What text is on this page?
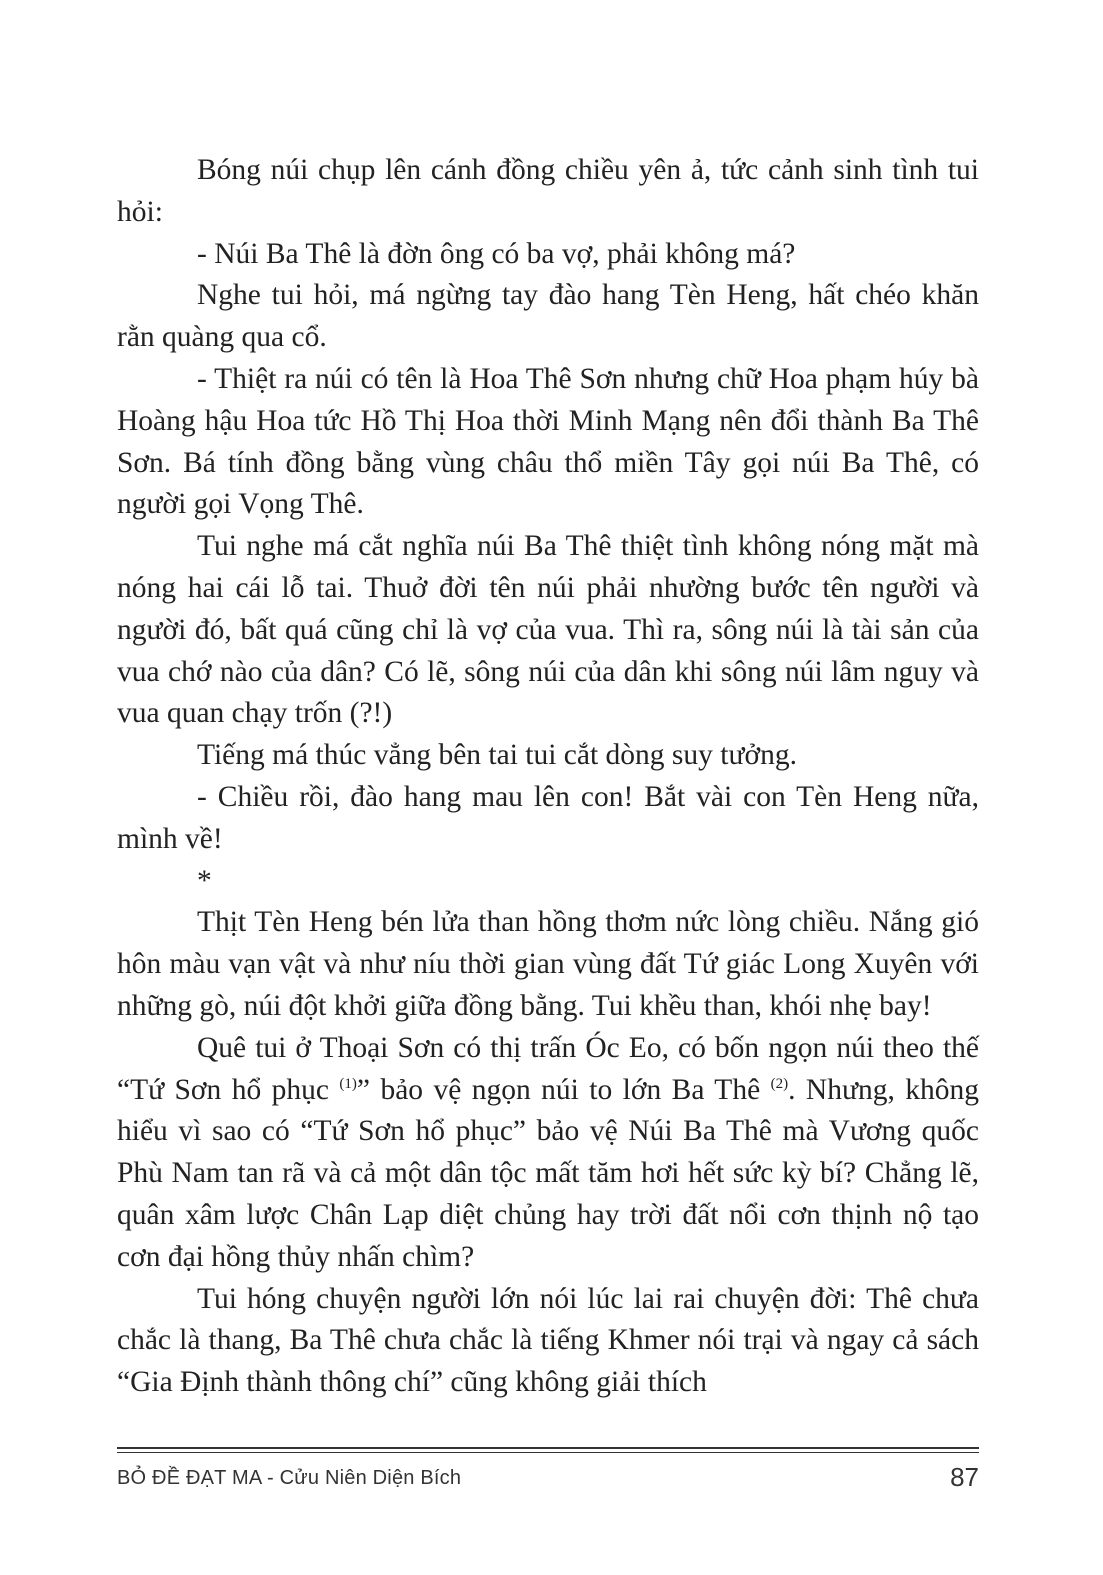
Bóng núi chụp lên cánh đồng chiều yên ả, tức cảnh sinh tình tui hỏi:

- Núi Ba Thê là đờn ông có ba vợ, phải không má?

Nghe tui hỏi, má ngừng tay đào hang Tèn Heng, hất chéo khăn rằn quàng qua cổ.

- Thiệt ra núi có tên là Hoa Thê Sơn nhưng chữ Hoa phạm húy bà Hoàng hậu Hoa tức Hồ Thị Hoa thời Minh Mạng nên đổi thành Ba Thê Sơn. Bá tính đồng bằng vùng châu thổ miền Tây gọi núi Ba Thê, có người gọi Vọng Thê.

Tui nghe má cắt nghĩa núi Ba Thê thiệt tình không nóng mặt mà nóng hai cái lỗ tai. Thuở đời tên núi phải nhường bước tên người và người đó, bất quá cũng chỉ là vợ của vua. Thì ra, sông núi là tài sản của vua chớ nào của dân? Có lẽ, sông núi của dân khi sông núi lâm nguy và vua quan chạy trốn (?!)

Tiếng má thúc vẳng bên tai tui cắt dòng suy tưởng.

- Chiều rồi, đào hang mau lên con! Bắt vài con Tèn Heng nữa, mình về!

*

Thịt Tèn Heng bén lửa than hồng thơm nức lòng chiều. Nắng gió hôn màu vạn vật và như níu thời gian vùng đất Tứ giác Long Xuyên với những gò, núi đột khởi giữa đồng bằng. Tui khều than, khói nhẹ bay!

Quê tui ở Thoại Sơn có thị trấn Óc Eo, có bốn ngọn núi theo thế “Tứ Sơn hổ phục $^{(1)}$” bảo vệ ngọn núi to lớn Ba Thê $^{(2)}$. Nhưng, không hiểu vì sao có “Tứ Sơn hổ phục” bảo vệ Núi Ba Thê mà Vương quốc Phù Nam tan rã và cả một dân tộc mất tăm hơi hết sức kỳ bí? Chẳng lẽ, quân xâm lược Chân Lạp diệt chủng hay trời đất nổi cơn thịnh nộ tạo cơn đại hồng thủy nhấn chìm?

Tui hóng chuyện người lớn nói lúc lai rai chuyện đời: Thê chưa chắc là thang, Ba Thê chưa chắc là tiếng Khmer nói trại và ngay cả sách “Gia Định thành thông chí” cũng không giải thích

BỎ ĐỀ ĐẠT MA - Cửu Niên Diện Bích	87
